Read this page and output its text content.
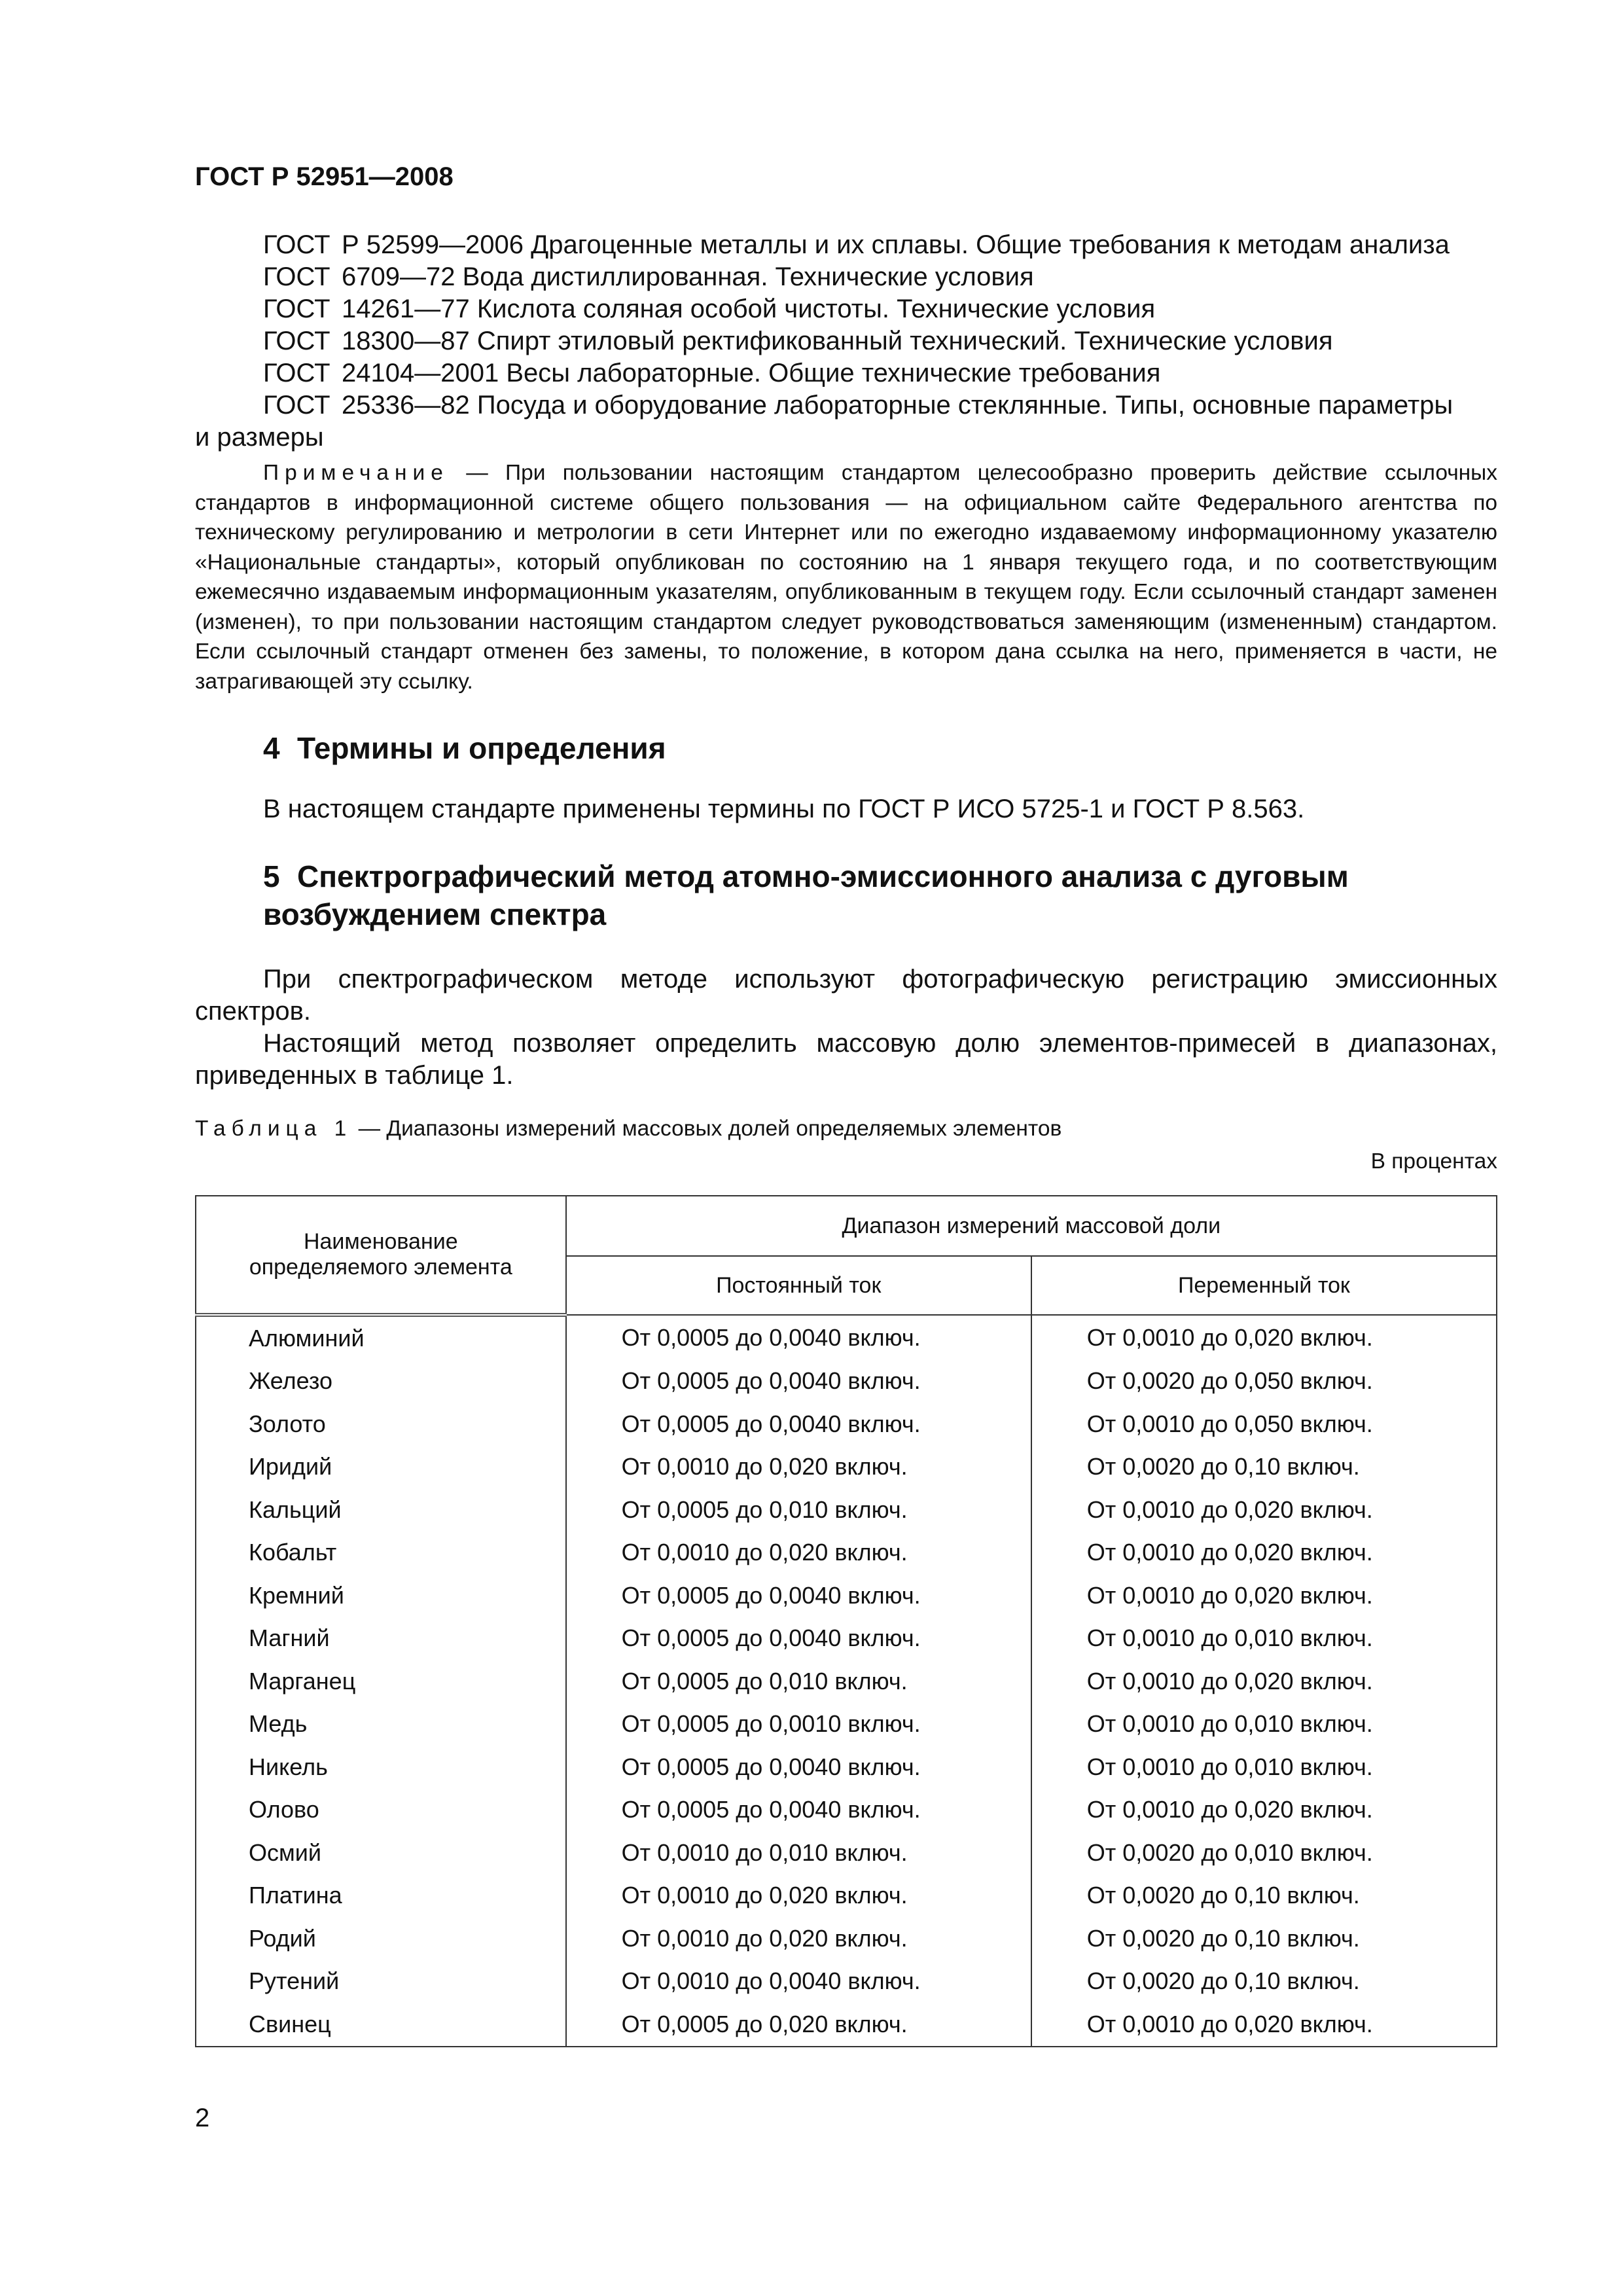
ГОСТ Р 52951—2008
ГОСТ Р 52599—2006 Драгоценные металлы и их сплавы. Общие требования к методам анализа
ГОСТ 6709—72 Вода дистиллированная. Технические условия
ГОСТ 14261—77 Кислота соляная особой чистоты. Технические условия
ГОСТ 18300—87 Спирт этиловый ректификованный технический. Технические условия
ГОСТ 24104—2001 Весы лабораторные. Общие технические требования
ГОСТ 25336—82 Посуда и оборудование лабораторные стеклянные. Типы, основные параметры
и размеры

Примечание — При пользовании настоящим стандартом целесообразно проверить действие ссылочных стандартов в информационной системе общего пользования — на официальном сайте Федерального агентства по техническому регулированию и метрологии в сети Интернет или по ежегодно издаваемому информационному указателю «Национальные стандарты», который опубликован по состоянию на 1 января текущего года, и по соответствующим ежемесячно издаваемым информационным указателям, опубликованным в текущем году. Если ссылочный стандарт заменен (изменен), то при пользовании настоящим стандартом следует руководствоваться заменяющим (измененным) стандартом. Если ссылочный стандарт отменен без замены, то положение, в котором дана ссылка на него, применяется в части, не затрагивающей эту ссылку.

4 Термины и определения

В настоящем стандарте применены термины по ГОСТ Р ИСО 5725-1 и ГОСТ Р 8.563.

5 Спектрографический метод атомно-эмиссионного анализа с дуговым
возбуждением спектра

При спектрографическом методе используют фотографическую регистрацию эмиссионных спектров.

Настоящий метод позволяет определить массовую долю элементов-примесей в диапазонах, приведенных в таблице 1.

Таблица 1 — Диапазоны измерений массовых долей определяемых элементов
В процентах
Наименование определяемого элемента	Диапазон измерений массовой доли	
	Постоянный ток	Переменный ток
Алюминий	От 0,0005 до 0,0040 включ.	От 0,0010 до 0,020 включ.
Железо	От 0,0005 до 0,0040 включ.	От 0,0020 до 0,050 включ.
Золото	От 0,0005 до 0,0040 включ.	От 0,0010 до 0,050 включ.
Иридий	От 0,0010 до 0,020 включ.	От 0,0020 до 0,10 включ.
Кальций	От 0,0005 до 0,010 включ.	От 0,0010 до 0,020 включ.
Кобальт	От 0,0010 до 0,020 включ.	От 0,0010 до 0,020 включ.
Кремний	От 0,0005 до 0,0040 включ.	От 0,0010 до 0,020 включ.
Магний	От 0,0005 до 0,0040 включ.	От 0,0010 до 0,010 включ.
Марганец	От 0,0005 до 0,010 включ.	От 0,0010 до 0,020 включ.
Медь	От 0,0005 до 0,0010 включ.	От 0,0010 до 0,010 включ.
Никель	От 0,0005 до 0,0040 включ.	От 0,0010 до 0,010 включ.
Олово	От 0,0005 до 0,0040 включ.	От 0,0010 до 0,020 включ.
Осмий	От 0,0010 до 0,010 включ.	От 0,0020 до 0,010 включ.
Платина	От 0,0010 до 0,020 включ.	От 0,0020 до 0,10 включ.
Родий	От 0,0010 до 0,020 включ.	От 0,0020 до 0,10 включ.
Рутений	От 0,0010 до 0,0040 включ.	От 0,0020 до 0,10 включ.
Свинец	От 0,0005 до 0,020 включ.	От 0,0010 до 0,020 включ.
2
